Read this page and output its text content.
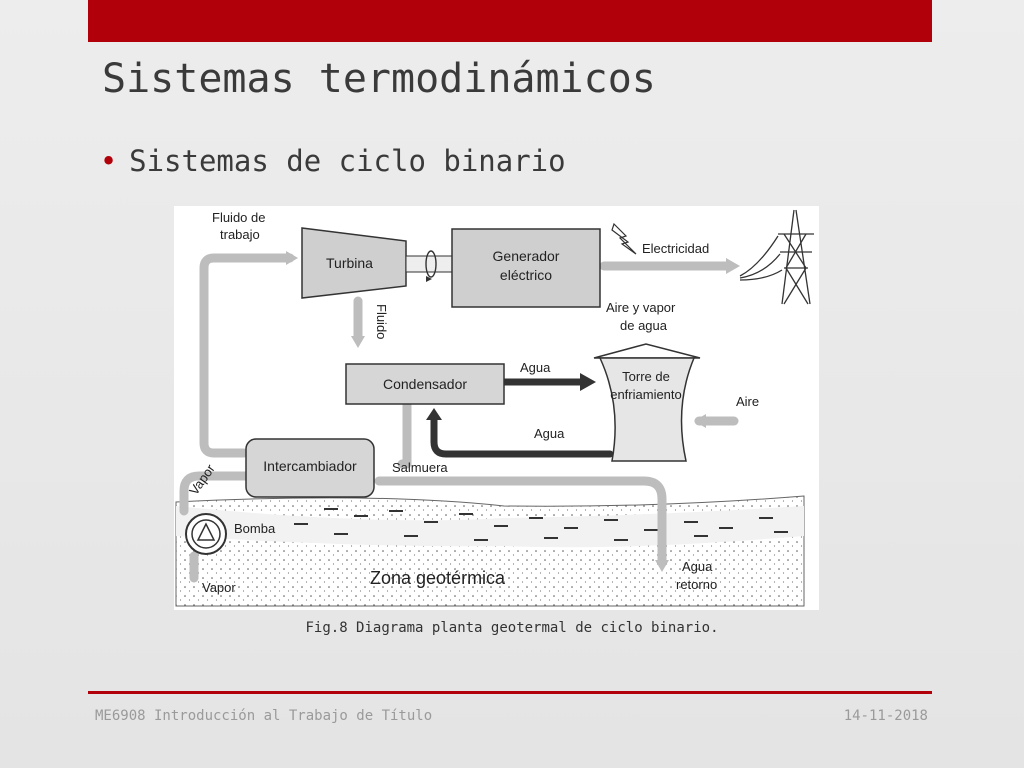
Sistemas termodinámicos
• Sistemas de ciclo binario
Turbina	Generador
eléctrico
Condensador
Intercambiador
Torre de
enfriamiento
Fluido de
trabajo
Electricidad
Fluido	Aire y vapor
de agua
Agua
Aire
Agua
Salmuera
Vapor
Bomba
Zona geotérmica
Vapor
Agua
retorno
Fig.8 Diagrama planta geotermal de ciclo binario.
ME6908 Introducción al Trabajo de Título	14-11-2018
